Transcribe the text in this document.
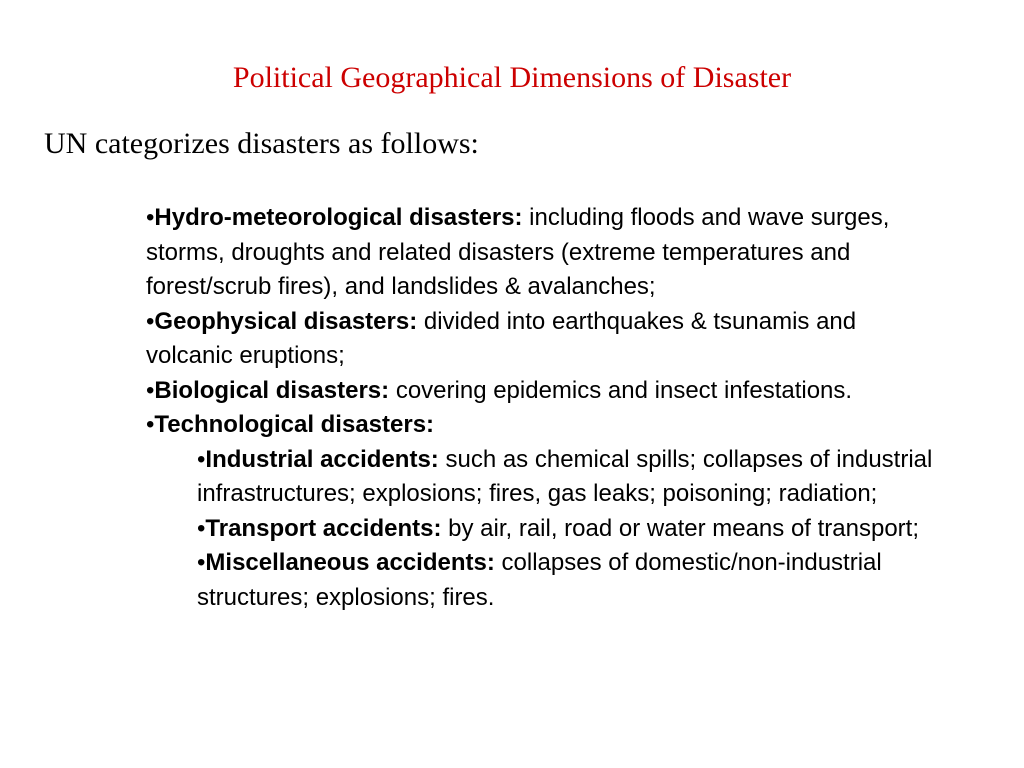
Political Geographical Dimensions of Disaster

UN categorizes disasters as follows:

•Hydro-meteorological disasters: including floods and wave surges, storms, droughts and related disasters (extreme temperatures and forest/scrub fires), and landslides & avalanches;
•Geophysical disasters: divided into earthquakes & tsunamis and volcanic eruptions;
•Biological disasters: covering epidemics and insect infestations.
•Technological disasters:
•Industrial accidents: such as chemical spills; collapses of industrial infrastructures; explosions; fires, gas leaks; poisoning; radiation;
•Transport accidents: by air, rail, road or water means of transport;
•Miscellaneous accidents: collapses of domestic/non-industrial structures; explosions; fires.
